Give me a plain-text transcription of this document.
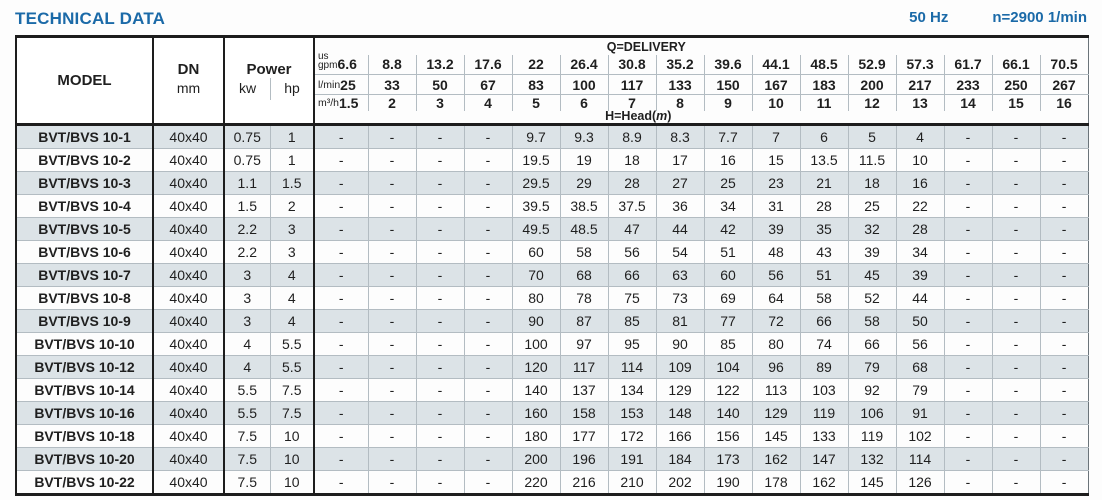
TECHNICAL DATA	50 Hz	n=2900 1/min
MODEL	
DN
mm

Power
kw	hp
	Q=DELIVERY

				us
gpm 6.6	8.8	13.2	17.6	22	26.4	30.8	35.2	39.6	44.1	48.5	52.9	57.3	61.7	66.1	70.5

				l/min 25	33	50	67	83	100	117	133	150	167	183	200	217	233	250	267

				m³/h 1.5	2	3	4	5	6	7	8	9	10	11	12	13	14	15	16
				H=Head(m)															
BVT/BVS 10-1	40x40	0.75	1	-	-	-	-	9.7	9.3	8.9	8.3	7.7	7	6	5	4	-	-	-
BVT/BVS 10-2	40x40	0.75	1	-	-	-	-	19.5	19	18	17	16	15	13.5	11.5	10	-	-	-
BVT/BVS 10-3	40x40	1.1	1.5	-	-	-	-	29.5	29	28	27	25	23	21	18	16	-	-	-
BVT/BVS 10-4	40x40	1.5	2	-	-	-	-	39.5	38.5	37.5	36	34	31	28	25	22	-	-	-
BVT/BVS 10-5	40x40	2.2	3	-	-	-	-	49.5	48.5	47	44	42	39	35	32	28	-	-	-
BVT/BVS 10-6	40x40	2.2	3	-	-	-	-	60	58	56	54	51	48	43	39	34	-	-	-
BVT/BVS 10-7	40x40	3	4	-	-	-	-	70	68	66	63	60	56	51	45	39	-	-	-
BVT/BVS 10-8	40x40	3	4	-	-	-	-	80	78	75	73	69	64	58	52	44	-	-	-
BVT/BVS 10-9	40x40	3	4	-	-	-	-	90	87	85	81	77	72	66	58	50	-	-	-
BVT/BVS 10-10	40x40	4	5.5	-	-	-	-	100	97	95	90	85	80	74	66	56	-	-	-
BVT/BVS 10-12	40x40	4	5.5	-	-	-	-	120	117	114	109	104	96	89	79	68	-	-	-
BVT/BVS 10-14	40x40	5.5	7.5	-	-	-	-	140	137	134	129	122	113	103	92	79	-	-	-
BVT/BVS 10-16	40x40	5.5	7.5	-	-	-	-	160	158	153	148	140	129	119	106	91	-	-	-
BVT/BVS 10-18	40x40	7.5	10	-	-	-	-	180	177	172	166	156	145	133	119	102	-	-	-
BVT/BVS 10-20	40x40	7.5	10	-	-	-	-	200	196	191	184	173	162	147	132	114	-	-	-
BVT/BVS 10-22	40x40	7.5	10	-	-	-	-	220	216	210	202	190	178	162	145	126	-	-	-
